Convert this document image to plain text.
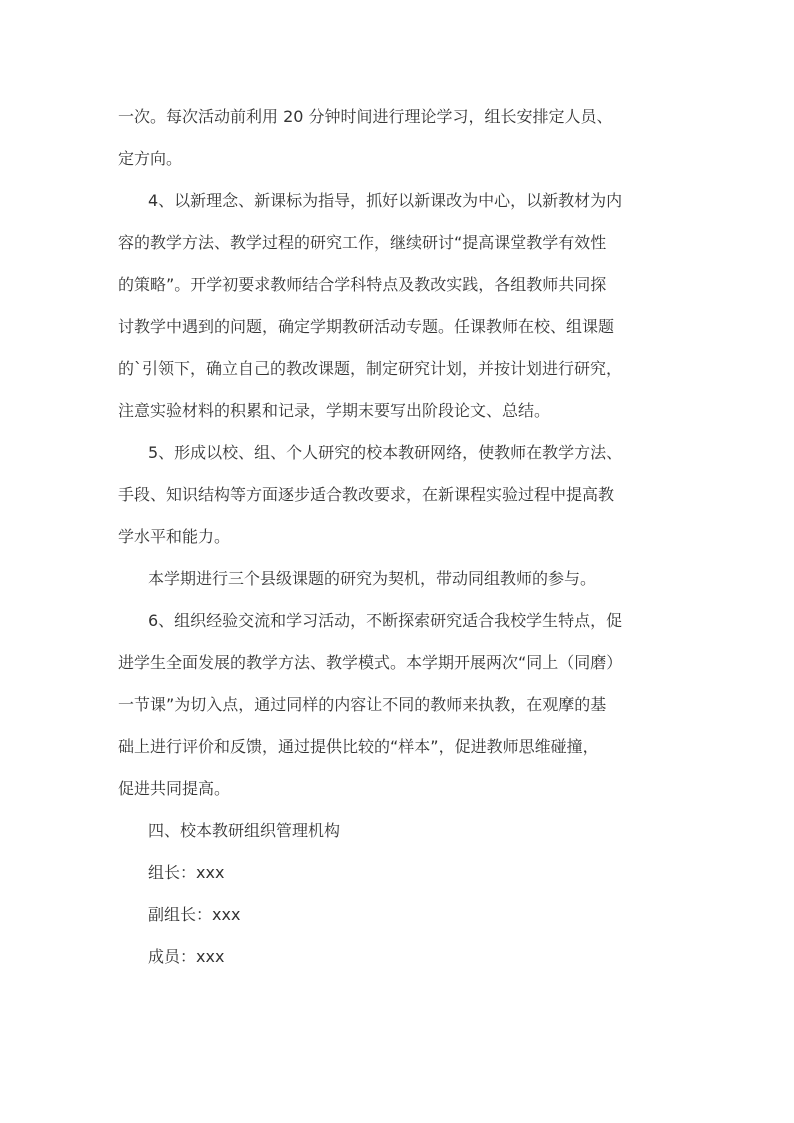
一次。每次活动前利用 20 分钟时间进行理论学习，组长安排定人员、
定方向。
4、以新理念、新课标为指导，抓好以新课改为中心，以新教材为内
容的教学方法、教学过程的研究工作，继续研讨“提高课堂教学有效性
的策略”。开学初要求教师结合学科特点及教改实践，各组教师共同探
讨教学中遇到的问题，确定学期教研活动专题。任课教师在校、组课题
的`引领下，确立自己的教改课题，制定研究计划，并按计划进行研究，
注意实验材料的积累和记录，学期末要写出阶段论文、总结。
5、形成以校、组、个人研究的校本教研网络，使教师在教学方法、
手段、知识结构等方面逐步适合教改要求，在新课程实验过程中提高教
学水平和能力。
本学期进行三个县级课题的研究为契机，带动同组教师的参与。
6、组织经验交流和学习活动，不断探索研究适合我校学生特点，促
进学生全面发展的教学方法、教学模式。本学期开展两次“同上（同磨）
一节课”为切入点，通过同样的内容让不同的教师来执教，在观摩的基
础上进行评价和反馈，通过提供比较的“样本”，促进教师思维碰撞，
促进共同提高。
四、校本教研组织管理机构
组长：xxx
副组长：xxx
成员：xxx
